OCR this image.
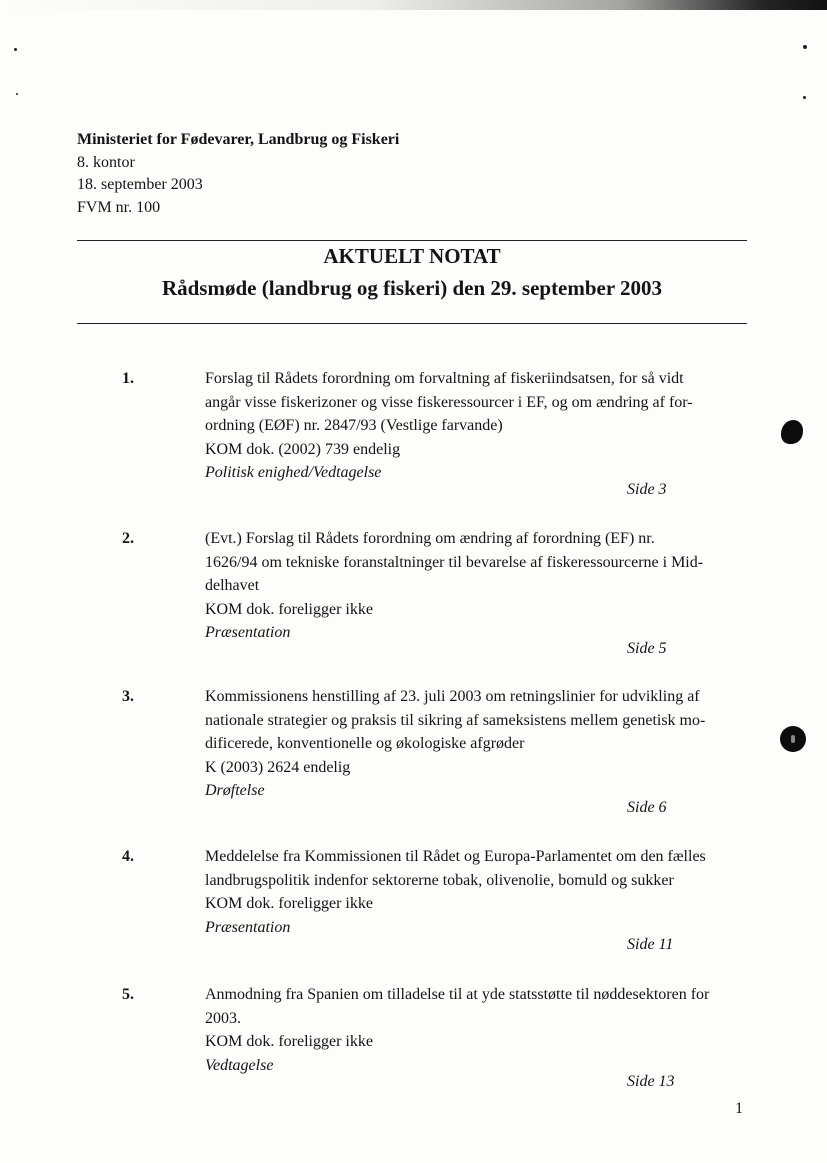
Ministeriet for Fødevarer, Landbrug og Fiskeri
8. kontor
18. september 2003
FVM nr. 100
AKTUELT NOTAT
Rådsmøde (landbrug og fiskeri) den 29. september 2003
1.	Forslag til Rådets forordning om forvaltning af fiskeriindsatsen, for så vidt
angår visse fiskerizoner og visse fiskeressourcer i EF, og om ændring af for-
ordning (EØF) nr. 2847/93 (Vestlige farvande)
KOM dok. (2002) 739 endelig
Politisk enighed/Vedtagelse
Side 3
2.	(Evt.) Forslag til Rådets forordning om ændring af forordning (EF) nr.
1626/94 om tekniske foranstaltninger til bevarelse af fiskeressourcerne i Mid-
delhavet
KOM dok. foreligger ikke
Præsentation
Side 5
3.	Kommissionens henstilling af 23. juli 2003 om retningslinier for udvikling af
nationale strategier og praksis til sikring af sameksistens mellem genetisk mo-
dificerede, konventionelle og økologiske afgrøder
K (2003) 2624 endelig
Drøftelse
Side 6
4.	Meddelelse fra Kommissionen til Rådet og Europa-Parlamentet om den fælles
landbrugspolitik indenfor sektorerne tobak, olivenolie, bomuld og sukker
KOM dok. foreligger ikke
Præsentation
Side 11
5.	Anmodning fra Spanien om tilladelse til at yde statsstøtte til nøddesektoren for
2003.
KOM dok. foreligger ikke
Vedtagelse
Side 13
1
